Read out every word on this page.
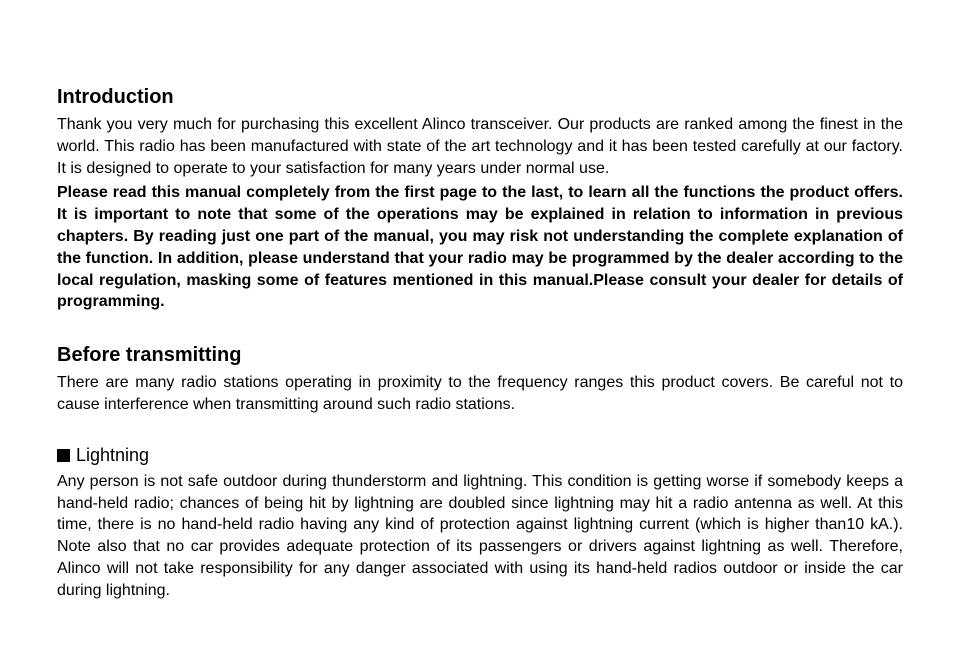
Introduction

Thank you very much for purchasing this excellent Alinco transceiver. Our products are ranked among the finest in the world. This radio has been manufactured with state of the art technology and it has been tested carefully at our factory. It is designed to operate to your satisfaction for many years under normal use.

Please read this manual completely from the first page to the last, to learn all the functions the product offers. It is important to note that some of the operations may be explained in relation to information in previous chapters. By reading just one part of the manual, you may risk not understanding the complete explanation of the function. In addition, please understand that your radio may be programmed by the dealer according to the local regulation, masking some of features mentioned in this manual.Please consult your dealer for details of programming.

Before transmitting

There are many radio stations operating in proximity to the frequency ranges this product covers. Be careful not to cause interference when transmitting around such radio stations.

Lightning

Any person is not safe outdoor during thunderstorm and lightning. This condition is getting worse if somebody keeps a hand-held radio; chances of being hit by lightning are doubled since lightning may hit a radio antenna as well. At this time, there is no hand-held radio having any kind of protection against lightning current (which is higher than10 kA.). Note also that no car provides adequate protection of its passengers or drivers against lightning as well. Therefore, Alinco will not take responsibility for any danger associated with using its hand-held radios outdoor or inside the car during lightning.
